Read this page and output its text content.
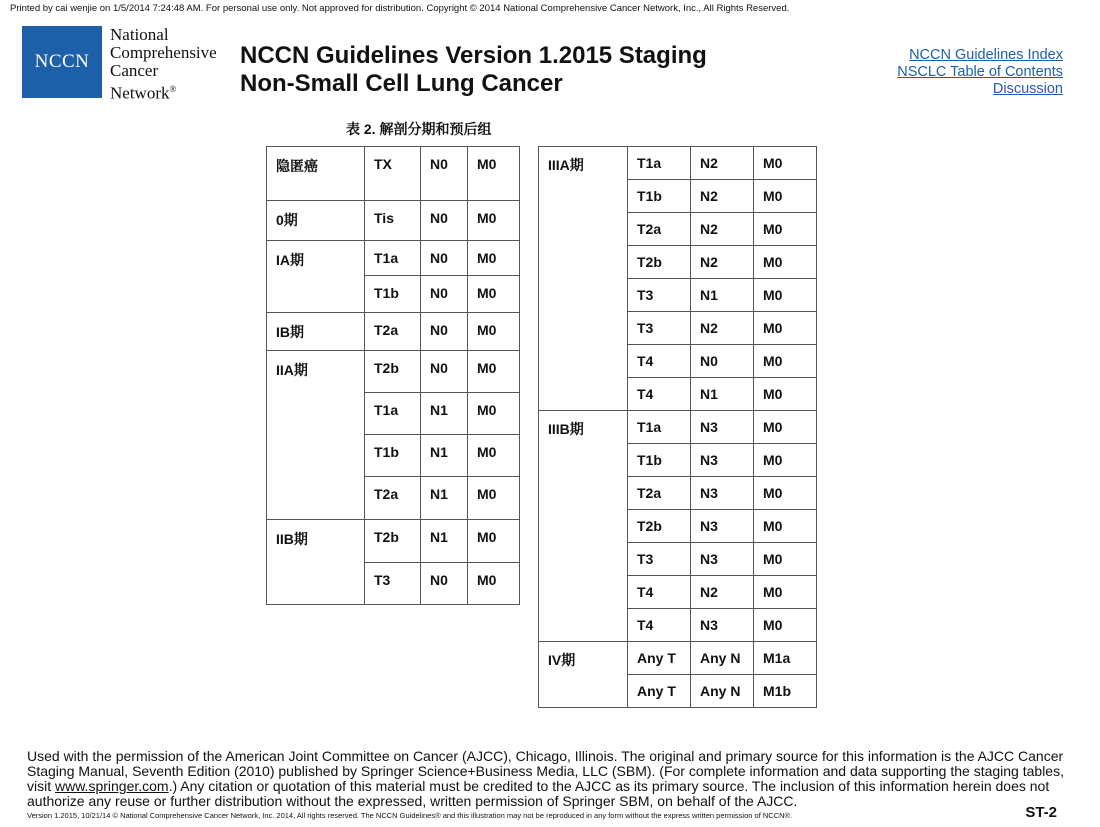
Printed by cai wenjie on 1/5/2014 7:24:48 AM. For personal use only. Not approved for distribution. Copyright © 2014 National Comprehensive Cancer Network, Inc., All Rights Reserved.
NCCN
National
Comprehensive
Cancer
Network®
NCCN Guidelines Version 1.2015 Staging
Non-Small Cell Lung Cancer
NCCN Guidelines Index
NSCLC Table of Contents
Discussion
表 2. 解剖分期和预后组
隐匿癌	TX	N0	M0
0期	Tis	N0	M0
IA期	T1a	N0	M0
	T1b	N0	M0
IB期	T2a	N0	M0
IIA期	T2b	N0	M0
	T1a	N1	M0
	T1b	N1	M0
	T2a	N1	M0
IIB期	T2b	N1	M0
	T3	N0	M0
IIIA期	T1a	N2	M0
	T1b	N2	M0
	T2a	N2	M0
	T2b	N2	M0
	T3	N1	M0
	T3	N2	M0
	T4	N0	M0
	T4	N1	M0
IIIB期	T1a	N3	M0
	T1b	N3	M0
	T2a	N3	M0
	T2b	N3	M0
	T3	N3	M0
	T4	N2	M0
	T4	N3	M0
IV期	Any T	Any N	M1a
	Any T	Any N	M1b
Used with the permission of the American Joint Committee on Cancer (AJCC), Chicago, Illinois. The original and primary source for this information is the AJCC Cancer Staging Manual, Seventh Edition (2010) published by Springer Science+Business Media, LLC (SBM). (For complete information and data supporting the staging tables, visit www.springer.com.) Any citation or quotation of this material must be credited to the AJCC as its primary source. The inclusion of this information herein does not authorize any reuse or further distribution without the expressed, written permission of Springer SBM, on behalf of the AJCC.
Version 1.2015, 10/21/14 © National Comprehensive Cancer Network, Inc. 2014, All rights reserved. The NCCN Guidelines® and this illustration may not be reproduced in any form without the express written permission of NCCN®.	ST-2
